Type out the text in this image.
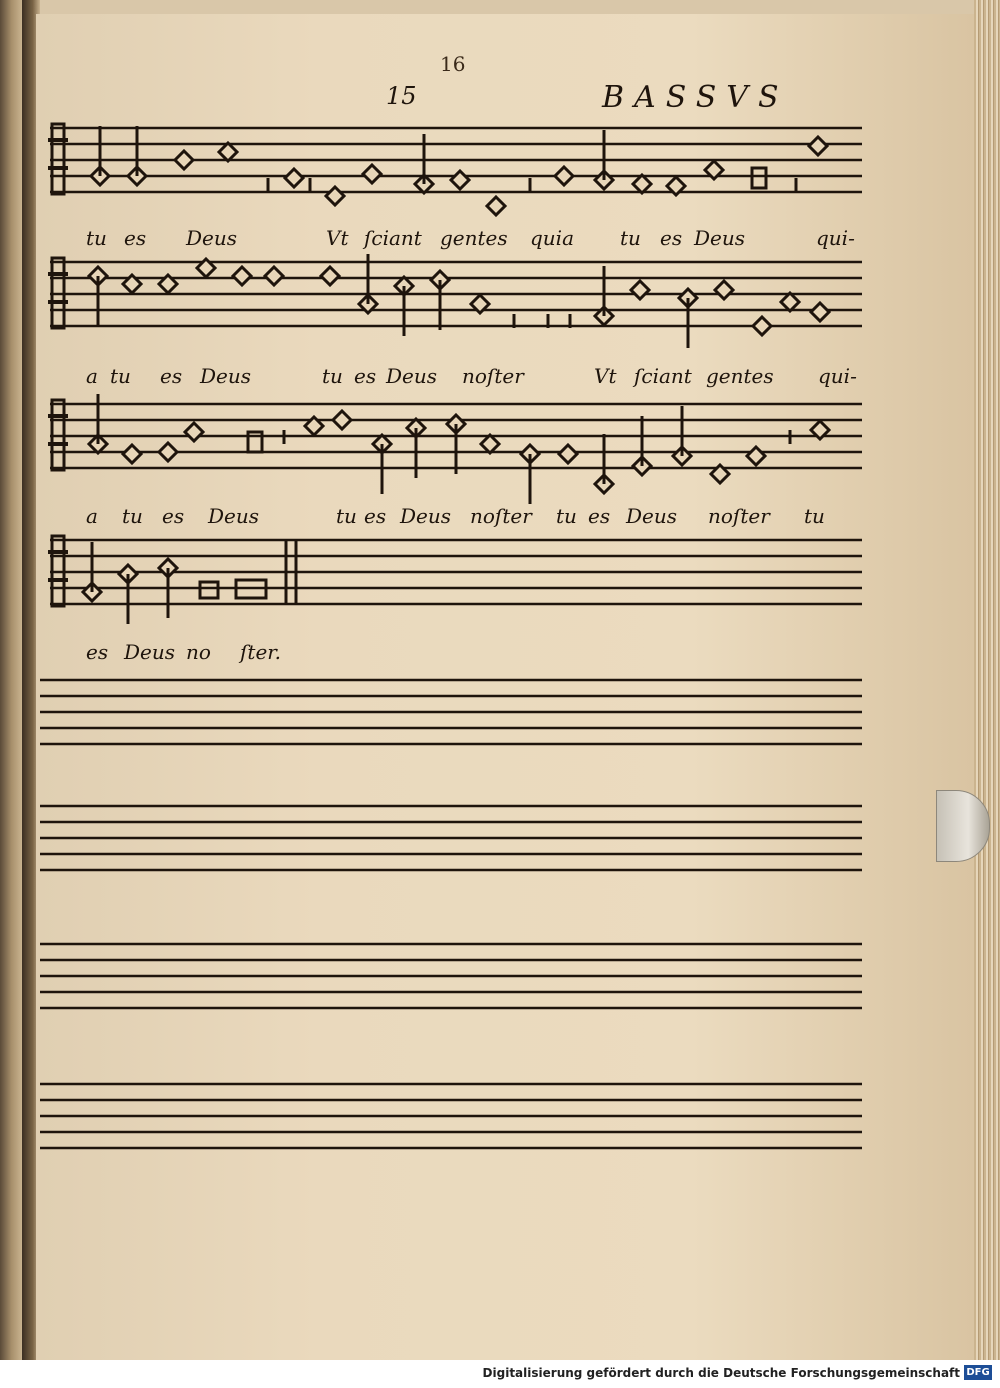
16
15	BASSVS
tu es Deus	Vt ſciant gentes quia tu es Deus	qui-
a tu es Deus	tu es Deus noſter	Vt ſciant gentes qui-
a tu es Deus	tu es Deus noſter tu es Deus noſter tu
es Deus no ſter.
Digitalisierung gefördert durch die Deutsche Forschungsgemeinschaft DFG
